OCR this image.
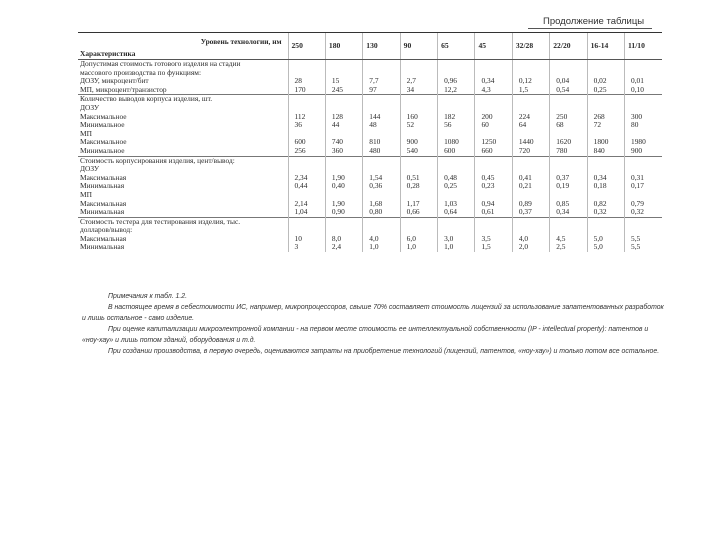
Продолжение таблицы
Уровень технологии, нм
Характеристика	250	180	130	90	65	45	32/28	22/20	16-14	11/10
Допустимая стоимость готового изделия на стадии										
массового производства по функциям:										
ДОЗУ, микроцент/бит	28	15	7,7	2,7	0,96	0,34	0,12	0,04	0,02	0,01
МП, микроцент/транзистор	170	245	97	34	12,2	4,3	1,5	0,54	0,25	0,10
Количество выводов корпуса изделия, шт.										
ДОЗУ										
Максимальное	112	128	144	160	182	200	224	250	268	300
Минимальное	36	44	48	52	56	60	64	68	72	80
МП										
Максимальное	600	740	810	900	1080	1250	1440	1620	1800	1980
Минимальное	256	360	480	540	600	660	720	780	840	900
Стоимость корпусирования изделия, цент/вывод:										
ДОЗУ										
Максимальная	2,34	1,90	1,54	0,51	0,48	0,45	0,41	0,37	0,34	0,31
Минимальная	0,44	0,40	0,36	0,28	0,25	0,23	0,21	0,19	0,18	0,17
МП										
Максимальная	2,14	1,90	1,68	1,17	1,03	0,94	0,89	0,85	0,82	0,79
Минимальная	1,04	0,90	0,80	0,66	0,64	0,61	0,37	0,34	0,32	0,32
Стоимость тестера для тестирования изделия, тыс.										
долларов/вывод:										
Максимальная	10	8,0	4,0	6,0	3,0	3,5	4,0	4,5	5,0	5,5
Минимальная	3	2,4	1,0	1,0	1,0	1,5	2,0	2,5	5,0	5,5

Примечания к табл. 1.2.

В настоящее время в себестоимости ИС, например, микропроцессоров, свыше 70% составляет стоимость лицензий за использование запатентованных разработок и лишь остальное - само изделие.

При оценке капитализации микроэлектронной компании - на первом месте стоимость ее интеллектуальной собственности (IP - intellectual property): патентов и «ноу-хау» и лишь потом зданий, оборудования и т.д.

При создании производства, в первую очередь, оцениваются затраты на приобретение технологий (лицензий, патентов, «ноу-хау») и только потом все остальное.
